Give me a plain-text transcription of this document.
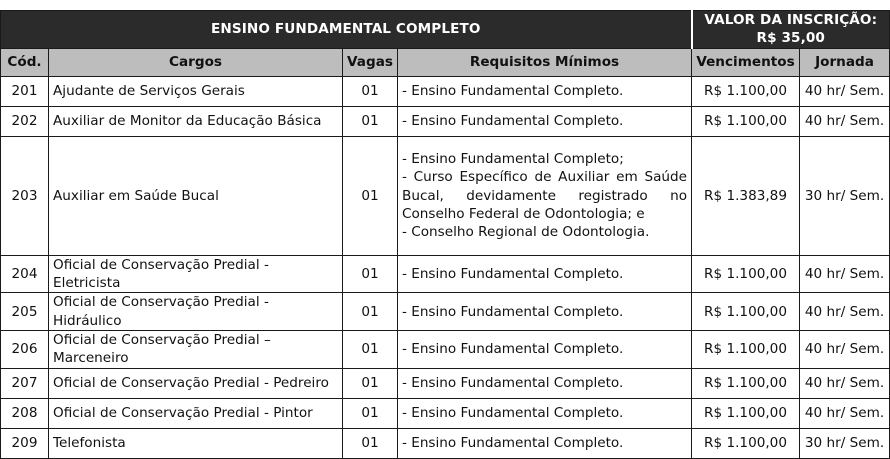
ENSINO FUNDAMENTAL COMPLETO				VALOR DA INSCRIÇÃO: R$ 35,00	
Cód.	Cargos	Vagas	Requisitos Mínimos	Vencimentos	Jornada
201	Ajudante de Serviços Gerais	01	- Ensino Fundamental Completo.	R$ 1.100,00	40 hr/ Sem.
202	Auxiliar de Monitor da Educação Básica	01	- Ensino Fundamental Completo.	R$ 1.100,00	40 hr/ Sem.
203	Auxiliar em Saúde Bucal	01	- Ensino Fundamental Completo;
- Curso Específico de Auxiliar em Saúde Bucal, devidamente registrado no Conselho Federal de Odontologia; e
- Conselho Regional de Odontologia.	R$ 1.383,89	30 hr/ Sem.
204	Oficial de Conservação Predial - Eletricista	01	- Ensino Fundamental Completo.	R$ 1.100,00	40 hr/ Sem.
205	Oficial de Conservação Predial - Hidráulico	01	- Ensino Fundamental Completo.	R$ 1.100,00	40 hr/ Sem.
206	Oficial de Conservação Predial – Marceneiro	01	- Ensino Fundamental Completo.	R$ 1.100,00	40 hr/ Sem.
207	Oficial de Conservação Predial - Pedreiro	01	- Ensino Fundamental Completo.	R$ 1.100,00	40 hr/ Sem.
208	Oficial de Conservação Predial - Pintor	01	- Ensino Fundamental Completo.	R$ 1.100,00	40 hr/ Sem.
209	Telefonista	01	- Ensino Fundamental Completo.	R$ 1.100,00	30 hr/ Sem.
